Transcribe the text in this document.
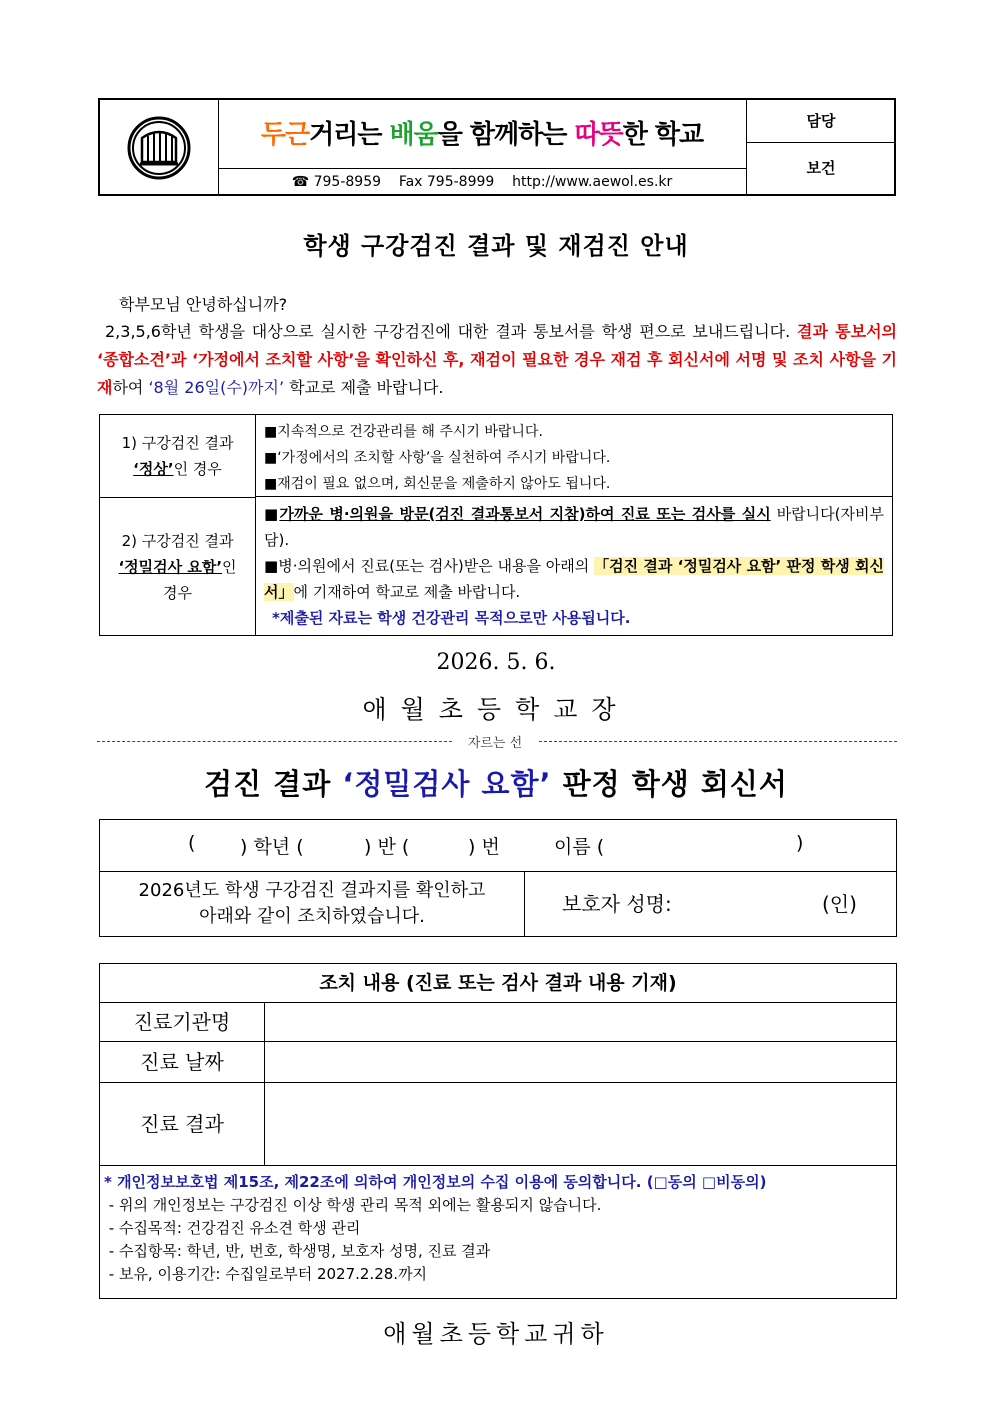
두근거리는 배움을 함께하는 따뜻한 학교
☎ 795-8959    Fax 795-8999    http://www.aewol.es.kr
담당
보건
학생 구강검진 결과 및 재검진 안내
학부모님 안녕하십니까?
2,3,5,6학년 학생을 대상으로 실시한 구강검진에 대한 결과 통보서를 학생 편으로 보내드립니다. 결과 통보서의 ‘종합소견’과 ‘가정에서 조치할 사항’을 확인하신 후, 재검이 필요한 경우 재검 후 회신서에 서명 및 조치 사항을 기재하여 ‘8월 26일(수)까지’ 학교로 제출 바랍니다.
1) 구강검진 결과
‘정상’인 경우
■지속적으로 건강관리를 해 주시기 바랍니다.
■‘가정에서의 조치할 사항’을 실천하여 주시기 바랍니다.
■재검이 필요 없으며, 회신문을 제출하지 않아도 됩니다.
2) 구강검진 결과
‘정밀검사 요함’인
경우
■가까운 병·의원을 방문(검진 결과통보서 지참)하여 진료 또는 검사를 실시 바랍니다(자비부담).
■병·의원에서 진료(또는 검사)받은 내용을 아래의 「검진 결과 ‘정밀검사 요함’ 판정 학생 회신서」에 기재하여 학교로 제출 바랍니다.
*제출된 자료는 학생 건강관리 목적으로만 사용됩니다.
2026. 5. 6.
애월초등학교장
자르는 선
검진 결과 ‘정밀검사 요함’ 판정 학생 회신서
( ) 학년 (	) 반 (	) 번	이름 (	)
2026년도 학생 구강검진 결과지를 확인하고
아래와 같이 조치하였습니다.
보호자 성명:	(인)
조치 내용 (진료 또는 검사 결과 내용 기재)
진료기관명
진료 날짜
진료 결과
* 개인정보보호법 제15조, 제22조에 의하여 개인정보의 수집 이용에 동의합니다. (□동의 □비동의)
- 위의 개인정보는 구강검진 이상 학생 관리 목적 외에는 활용되지 않습니다.
- 수집목적: 건강검진 유소견 학생 관리
- 수집항목: 학년, 반, 번호, 학생명, 보호자 성명, 진료 결과
- 보유, 이용기간: 수집일로부터 2027.2.28.까지
애월초등학교귀하
